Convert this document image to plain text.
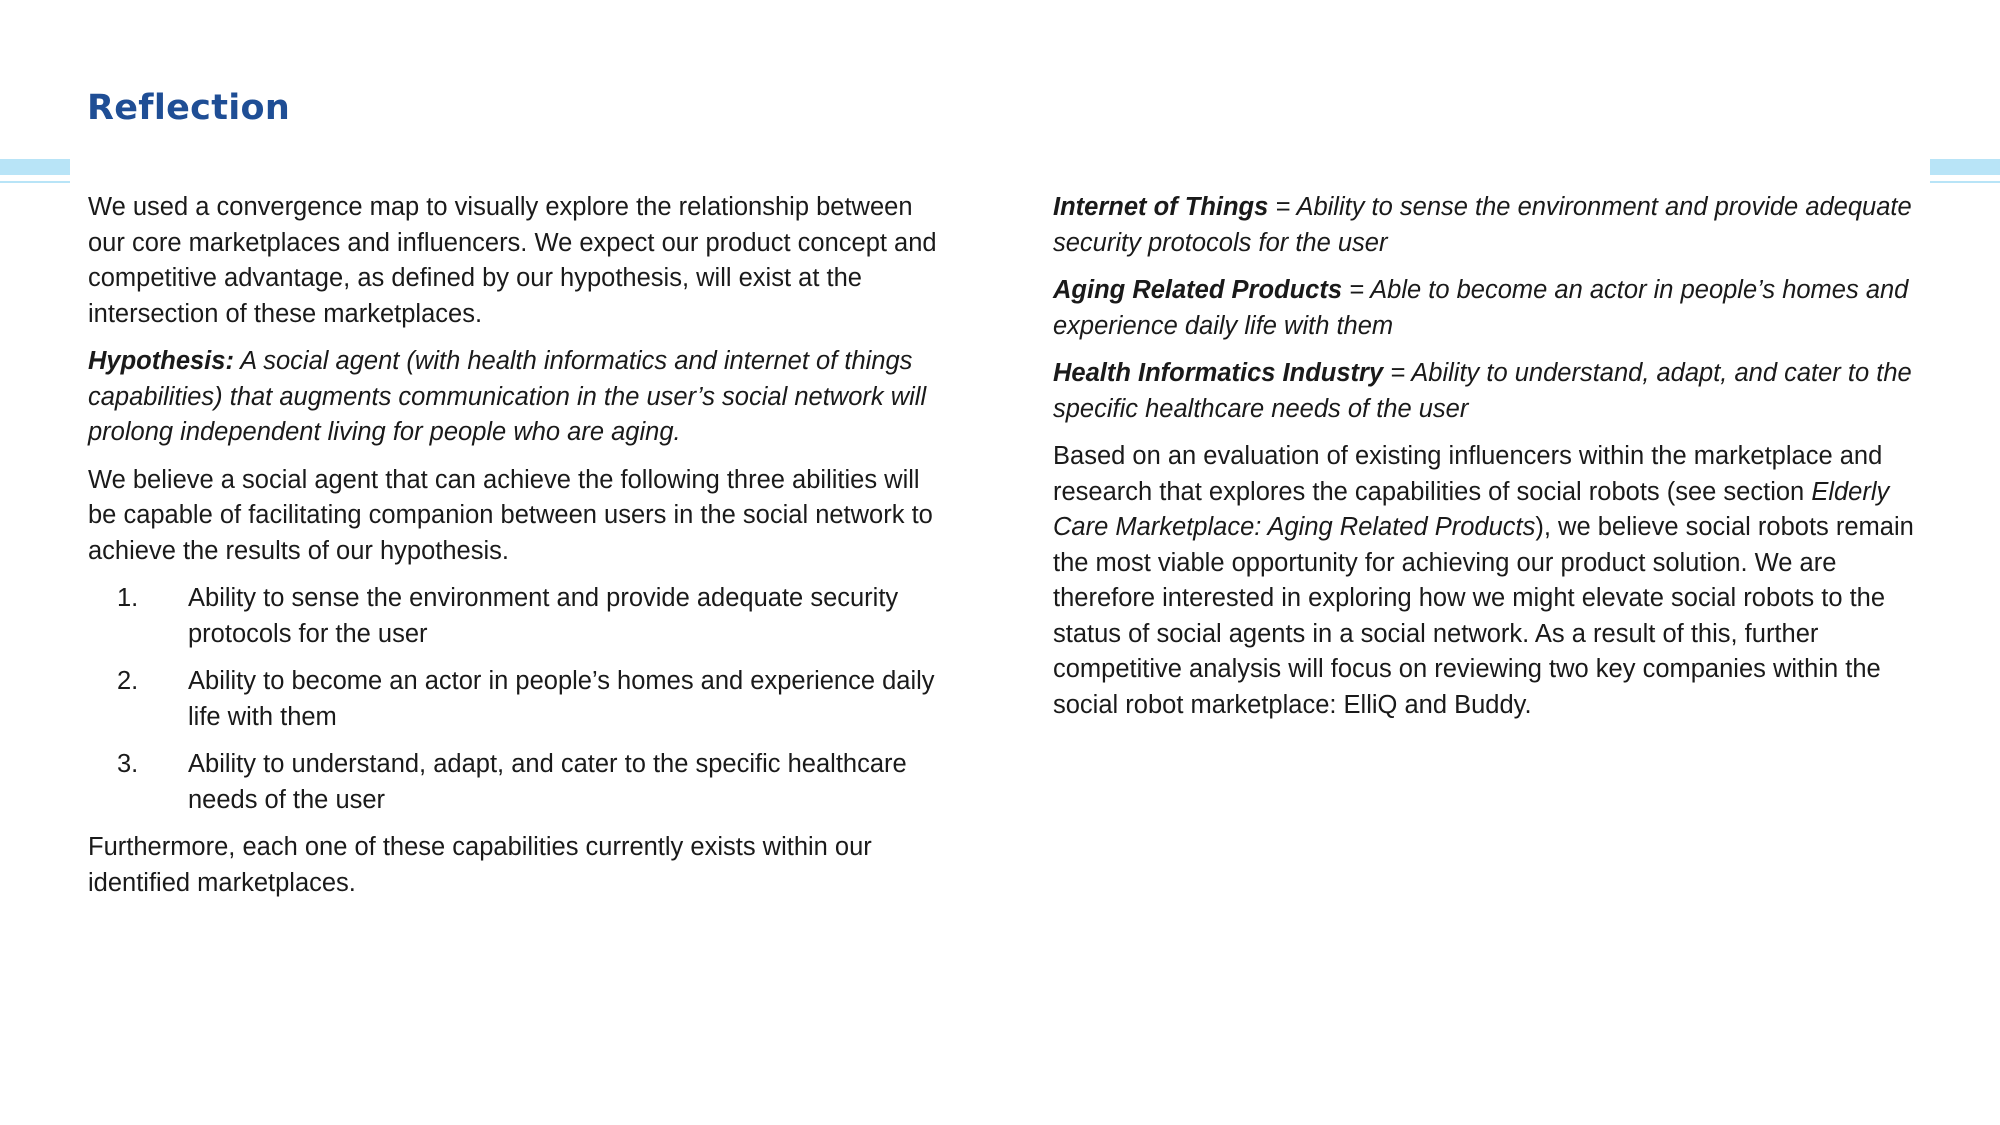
Reflection

We used a convergence map to visually explore the relationship between our core marketplaces and influencers. We expect our product concept and competitive advantage, as defined by our hypothesis, will exist at the intersection of these marketplaces.

Hypothesis: A social agent (with health informatics and internet of things capabilities) that augments communication in the user’s social network will prolong independent living for people who are aging.

We believe a social agent that can achieve the following three abilities will be capable of facilitating companion between users in the social network to achieve the results of our hypothesis.

1.	Ability to sense the environment and provide adequate security protocols for the user
2.	Ability to become an actor in people’s homes and experience daily life with them
3.	Ability to understand, adapt, and cater to the specific healthcare needs of the user

Furthermore, each one of these capabilities currently exists within our identified marketplaces.

Internet of Things = Ability to sense the environment and provide adequate security protocols for the user

Aging Related Products = Able to become an actor in people’s homes and experience daily life with them

Health Informatics Industry = Ability to understand, adapt, and cater to the specific healthcare needs of the user

Based on an evaluation of existing influencers within the marketplace and research that explores the capabilities of social robots (see section Elderly Care Marketplace: Aging Related Products), we believe social robots remain the most viable opportunity for achieving our product solution. We are therefore interested in exploring how we might elevate social robots to the status of social agents in a social network. As a result of this, further competitive analysis will focus on reviewing two key companies within the social robot marketplace: ElliQ and Buddy.
